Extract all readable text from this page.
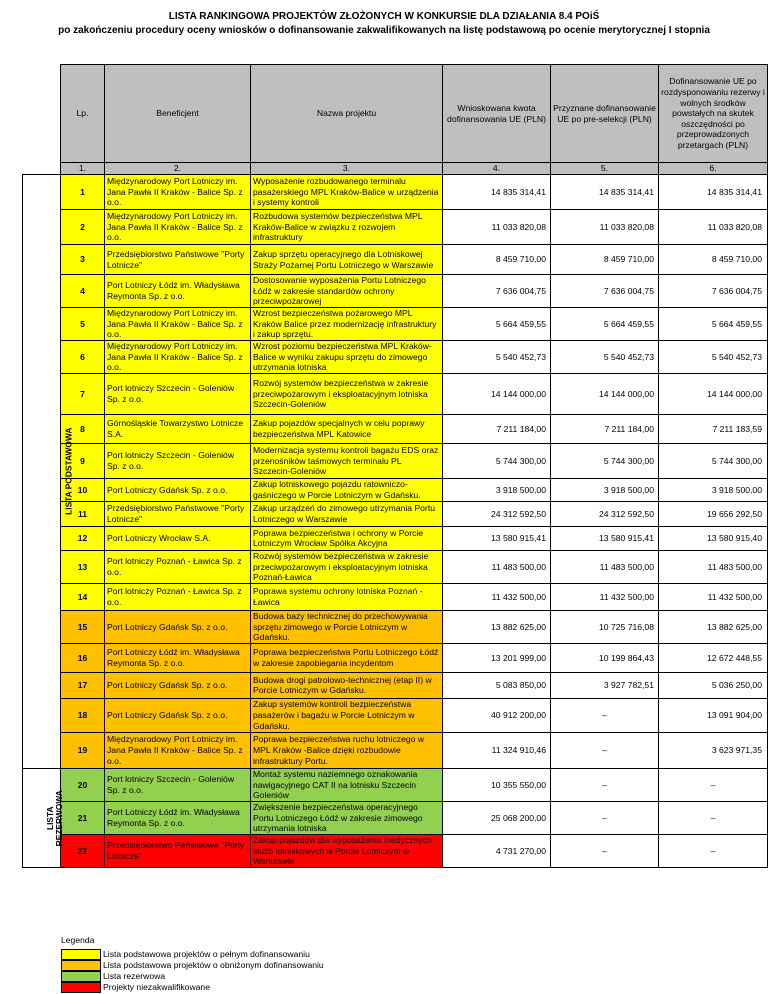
LISTA RANKINGOWA PROJEKTÓW ZŁOŻONYCH W KONKURSIE DLA DZIAŁANIA 8.4 POiŚ
po zakończeniu procedury oceny wniosków o dofinansowanie zakwalifikowanych na listę podstawową po ocenie merytorycznej I stopnia
	Lp.	Beneficjent	Nazwa projektu	Wnioskowana kwota dofinansowania UE (PLN)	Przyznane dofinansowanie UE po pre-selekcji (PLN)	Dofinansowanie UE po rozdysponowaniu rezerwy i wolnych środków powstałych na skutek oszczędności po przeprowadzonych przetargach (PLN)
	1.	2.	3.	4.	5.	6.
LISTA PODSTAWOWA	1	Międzynarodowy Port Lotniczy im. Jana Pawła II Kraków - Balice Sp. z o.o.	Wyposażenie rozbudowanego terminalu pasażerskiego MPL Kraków-Balice w urządzenia i systemy kontroli	14 835 314,41	14 835 314,41	14 835 314,41
	2	Międzynarodowy Port Lotniczy im. Jana Pawła II Kraków - Balice Sp. z o.o.	Rozbudowa systemów bezpieczeństwa MPL Kraków-Balice w związku z rozwojem infrastruktury	11 033 820,08	11 033 820,08	11 033 820,08
	3	Przedsiębiorstwo Państwowe "Porty Lotnicze"	Zakup sprzętu operacyjnego dla Lotniskowej Straży Pożarnej Portu Lotniczego w Warszawie	8 459 710,00	8 459 710,00	8 459 710,00
	4	Port Lotniczy Łódź im. Władysława Reymonta Sp. z o.o.	Dostosowanie wyposażenia Portu Lotniczego Łódź w zakresie standardów ochrony przeciwpożarowej	7 636 004,75	7 636 004,75	7 636 004,75
	5	Międzynarodowy Port Lotniczy im. Jana Pawła II Kraków - Balice Sp. z o.o.	Wzrost bezpieczeństwa pożarowego MPL Kraków Balice przez modernizację infrastruktury i zakup sprzętu.	5 664 459,55	5 664 459,55	5 664 459,55
	6	Międzynarodowy Port Lotniczy im. Jana Pawła II Kraków - Balice Sp. z o.o.	Wzrost poziomu bezpieczeństwa MPL Kraków-Balice w wyniku zakupu sprzętu do zimowego utrzymania lotniska	5 540 452,73	5 540 452,73	5 540 452,73
	7	Port lotniczy Szczecin - Goleniów Sp. z o.o.	Rozwój systemów bezpieczeństwa w zakresie przeciwpożarowym i eksploatacyjnym lotniska Szczecin-Goleniów	14 144 000,00	14 144 000,00	14 144 000,00
	8	Górnośląskie Towarzystwo Lotnicze S.A.	Zakup pojazdów specjalnych w celu poprawy bezpieczeństwa MPL Katowice	7 211 184,00	7 211 184,00	7 211 183,59
	9	Port lotniczy Szczecin - Goleniów Sp. z o.o.	Modernizacja systemu kontroli bagażu EDS oraz przenośników taśmowych terminalu PL Szczecin-Goleniów	5 744 300,00	5 744 300,00	5 744 300,00
	10	Port Lotniczy Gdańsk Sp. z o.o.	Zakup lotniskowego pojazdu ratowniczo-gaśniczego w Porcie Lotniczym w Gdańsku.	3 918 500,00	3 918 500,00	3 918 500,00
	11	Przedsiębiorstwo Państwowe "Porty Lotnicze"	Zakup urządzeń do zimowego utrzymania Portu Lotniczego w Warszawie	24 312 592,50	24 312 592,50	19 656 292,50
	12	Port Lotniczy Wrocław S.A.	Poprawa bezpieczeństwa i ochrony w Porcie Lotniczym Wrocław Spółka Akcyjna	13 580 915,41	13 580 915,41	13 580 915,40
	13	Port lotniczy Poznań - Ławica Sp. z o.o.	Rozwój systemów bezpieczeństwa w zakresie przeciwpożarowym i eksploatacyjnym lotniska Poznań-Ławica	11 483 500,00	11 483 500,00	11 483 500,00
	14	Port lotniczy Poznań - Ławica Sp. z o.o.	Poprawa systemu ochrony lotniska Poznań - Ławica	11 432 500,00	11 432 500,00	11 432 500,00
	15	Port Lotniczy Gdańsk Sp. z o.o.	Budowa bazy technicznej do przechowywania sprzętu zimowego w Porcie Lotniczym w Gdańsku.	13 882 625,00	10 725 716,08	13 882 625,00
	16	Port Lotniczy Łódź im. Władysława Reymonta Sp. z o.o.	Poprawa bezpieczeństwa Portu Lotniczego Łódź w zakresie zapobiegania incydentom	13 201 999,00	10 199 864,43	12 672 448,55
	17	Port Lotniczy Gdańsk Sp. z o.o.	Budowa drogi patrolowo-technicznej (etap II) w Porcie Lotniczym w Gdańsku.	5 083 850,00	3 927 782,51	5 036 250,00
	18	Port Lotniczy Gdańsk Sp. z o.o.	Zakup systemów kontroli bezpieczeństwa pasażerów i bagażu w Porcie Lotniczym w Gdańsku.	40 912 200,00	–	13 091 904,00
	19	Międzynarodowy Port Lotniczy im. Jana Pawła II Kraków - Balice Sp. z o.o.	Poprawa bezpieczeństwa ruchu lotniczego w MPL Kraków -Balice dzięki rozbudowie infrastruktury Portu.	11 324 910,46	–	3 623 971,35
LISTA REZERWOWA	20	Port lotniczy Szczecin - Goleniów Sp. z o.o.	Montaż systemu naziemnego oznakowania nawigacyjnego CAT II na lotnisku Szczecin Goleniów	10 355 550,00	–	–
	21	Port Lotniczy Łódź im. Władysława Reymonta Sp. z o.o.	Zwiększenie bezpieczeństwa operacyjnego Portu Lotniczego Łódź w zakresie zimowego utrzymania lotniska	25 068 200,00	–	–
	22	Przedsiębiorstwo Państwowe "Porty Lotnicze"	Zakup pojazdów dla wyposażenia medycznych służb lotniskowych w Porcie Lotniczym w Warszawie	4 731 270,00	–	–
Legenda
Lista podstawowa projektów o pełnym dofinansowaniu
Lista podstawowa projektów o obniżonym dofinansowaniu
Lista rezerwowa
Projekty niezakwalifikowane
